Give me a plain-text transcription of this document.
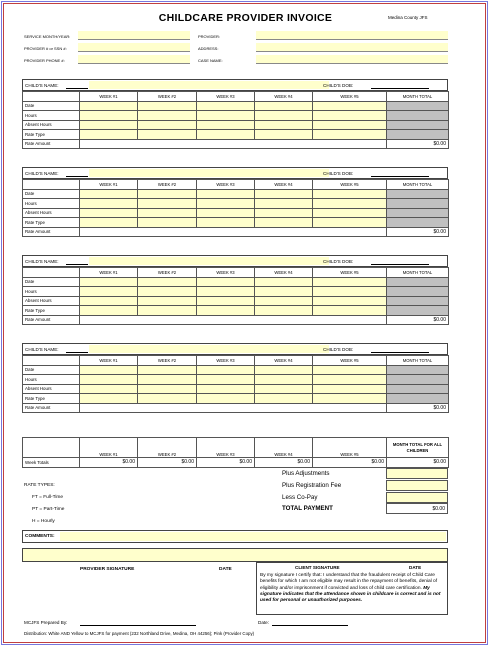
CHILDCARE PROVIDER INVOICE	Medina County JFS
SERVICE MONTH/YEAR:	PROVIDER:
PROVIDER # or SSN #:	ADDRESS:
PROVIDER PHONE #:	CASE NAME:
CHILD'S NAME:	CHILD'S DOB:
	WEEK #1	WEEK #2	WEEK #3	WEEK #4	WEEK #5	MONTH TOTAL
Date						
Hours						
Absent Hours						
Rate Type						
Rate Amount						$0.00
CHILD'S NAME:	CHILD'S DOB:
	WEEK #1	WEEK #2	WEEK #3	WEEK #4	WEEK #5	MONTH TOTAL
Date						
Hours						
Absent Hours						
Rate Type						
Rate Amount						$0.00
CHILD'S NAME:	CHILD'S DOB:
	WEEK #1	WEEK #2	WEEK #3	WEEK #4	WEEK #5	MONTH TOTAL
Date						
Hours						
Absent Hours						
Rate Type						
Rate Amount						$0.00
CHILD'S NAME:	CHILD'S DOB:
	WEEK #1	WEEK #2	WEEK #3	WEEK #4	WEEK #5	MONTH TOTAL
Date						
Hours						
Absent Hours						
Rate Type						
Rate Amount						$0.00
	WEEK #1	WEEK #2	WEEK #3	WEEK #4	WEEK #5	MONTH TOTAL FOR ALL CHILDREN
Week Totals	$0.00	$0.00	$0.00	$0.00	$0.00	$0.00
Plus Adjustments
Plus Registration Fee
Less Co-Pay
TOTAL PAYMENT	$0.00
RATE TYPES:
FT = Full-Time
PT = Part-Time
H = Hourly
COMMENTS:
PROVIDER SIGNATURE	DATE	CLIENT SIGNATURE	DATE
By my signature I certify that: I understand that the fraudulent receipt of Child Care benefits for which I am not eligible may result in the repayment of benefits, denial of eligibility and/or imprisonment if convicted and loss of child care certification. My signature indicates that the attendance shown in childcare is correct and is not used for personal or unauthorized purposes.
MCJFS Prepared By:	Date:
Distribution: White AND Yellow to MCJFS for payment (232 Northland Drive, Medina, OH 44256); Pink (Provider Copy)
